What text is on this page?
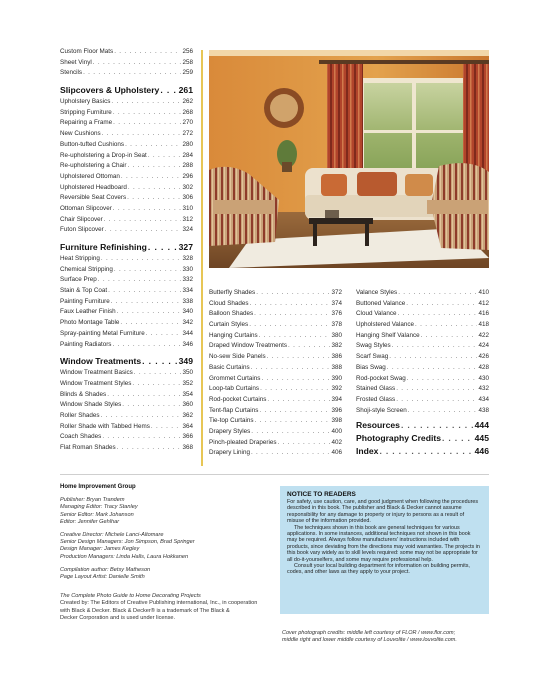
Custom Floor Mats . . .	256
Sheet Vinyl . . .	258
Stencils . . .	259
Slipcovers & Upholstery . . . 261
Upholstery Basics . . .	262
Stripping Furniture . . .	268
Repairing a Frame . . .	270
New Cushions . . .	272
Button-tufted Cushions . . .	280
Re-upholstering a Drop-in Seat . . .	284
Re-upholstering a Chair . . .	288
Upholstered Ottoman . . .	296
Upholstered Headboard . . .	302
Reversible Seat Covers . . .	306
Ottoman Slipcover . . .	310
Chair Slipcover . . .	312
Futon Slipcover . . .	324
Furniture Refinishing . . .	327
Heat Stripping . . .	328
Chemical Stripping . . .	330
Surface Prep . . .	332
Stain & Top Coat . . .	334
Painting Furniture . . .	338
Faux Leather Finish . . .	340
Photo Montage Table . . .	342
Spray-painting Metal Furniture . . .	344
Painting Radiators . . .	346
Window Treatments . . .	349
Window Treatment Basics . . .	350
Window Treatment Styles . . .	352
Blinds & Shades . . .	354
Window Shade Styles . . .	360
Roller Shades . . .	362
Roller Shade with Tabbed Hems . . .	364
Coach Shades . . .	366
Flat Roman Shades . . .	368
Butterfly Shades . . .	372
Cloud Shades . . .	374
Balloon Shades . . .	376
Curtain Styles . . .	378
Hanging Curtains . . .	380
Draped Window Treatments . . .	382
No-sew Side Panels . . .	386
Basic Curtains . . .	388
Grommet Curtains . . .	390
Loop-tab Curtains . . .	392
Rod-pocket Curtains . . .	394
Tent-flap Curtains . . .	396
Tie-top Curtains . . .	398
Drapery Styles . . .	400
Pinch-pleated Draperies . . .	402
Drapery Lining . . .	406
Valance Styles . . .	410
Buttoned Valance . . .	412
Cloud Valance . . .	416
Upholstered Valance . . .	418
Hanging Shelf Valance . . .	422
Swag Styles . . .	424
Scarf Swag . . .	426
Bias Swag . . .	428
Rod-pocket Swag . . .	430
Stained Glass . . .	432
Frosted Glass . . .	434
Shoji-style Screen . . .	438
Resources . . .	444
Photography Credits . . .	445
Index . . .	446
Home Improvement Group
Publisher: Bryan Trandem
Managing Editor: Tracy Stanley
Senior Editor: Mark Johanson
Editor: Jennifer Gehlhar
Creative Director: Michele Lanci-Altomare
Senior Design Managers: Jon Simpson, Brad Springer
Design Manager: James Kegley
Production Managers: Linda Halls, Laura Hokkanen
Compilation author: Betsy Matheson
Page Layout Artist: Danielle Smith
The Complete Photo Guide to Home Decorating Projects
Created by: The Editors of Creative Publishing international, Inc., in cooperation
with Black & Decker. Black & Decker® is a trademark of The Black &
Decker Corporation and is used under license.
NOTICE TO READERS

For safety, use caution, care, and good judgment when following the procedures described in this book. The publisher and Black & Decker cannot assume responsibility for any damage to property or injury to persons as a result of misuse of the information provided.

The techniques shown in this book are general techniques for various applications. In some instances, additional techniques not shown in this book may be required. Always follow manufacturers' instructions included with products, since deviating from the directions may void warranties. The projects in this book vary widely as to skill levels required: some may not be appropriate for all do-it-yourselfers, and some may require professional help.

Consult your local building department for information on building permits, codes, and other laws as they apply to your project.

Cover photograph credits: middle left courtesy of FLOR / www.flor.com;
middle right and lower middle courtesy of Louvolite / www.louvolite.com.
